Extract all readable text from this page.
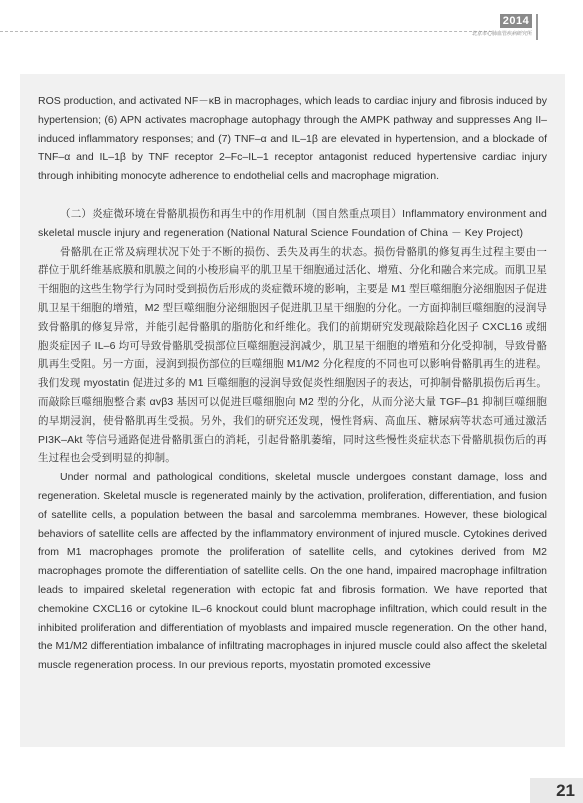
2014
北京市心肺血管疾病研究所

ROS production, and activated NF－κB in macrophages, which leads to cardiac injury and fibrosis induced by hypertension; (6) APN activates macrophage autophagy through the AMPK pathway and suppresses Ang II–induced inflammatory responses; and (7) TNF–α and IL–1β are elevated in hypertension, and a blockade of TNF–α and IL–1β by TNF receptor 2–Fc–IL–1 receptor antagonist reduced hypertensive cardiac injury through inhibiting monocyte adherence to endothelial cells and macrophage migration.

（二）炎症微环境在骨骼肌损伤和再生中的作用机制（国自然重点项目）Inflammatory environment and skeletal muscle injury and regeneration (National Natural Science Foundation of China － Key Project)

骨骼肌在正常及病理状况下处于不断的损伤、丢失及再生的状态。损伤骨骼肌的修复再生过程主要由一群位于肌纤维基底膜和肌膜之间的小梭形扁平的肌卫星干细胞通过活化、增殖、分化和融合来完成。而肌卫星干细胞的这些生物学行为同时受到损伤后形成的炎症微环境的影响，主要是 M1 型巨噬细胞分泌细胞因子促进肌卫星干细胞的增殖，M2 型巨噬细胞分泌细胞因子促进肌卫星干细胞的分化。一方面抑制巨噬细胞的浸润导致骨骼肌的修复异常，并能引起骨骼肌的脂肪化和纤维化。我们的前期研究发现敲除趋化因子 CXCL16 或细胞炎症因子 IL–6 均可导致骨骼肌受损部位巨噬细胞浸润减少，肌卫星干细胞的增殖和分化受抑制，导致骨骼肌再生受阻。另一方面，浸润到损伤部位的巨噬细胞 M1/M2 分化程度的不同也可以影响骨骼肌再生的进程。我们发现 myostatin 促进过多的 M1 巨噬细胞的浸润导致促炎性细胞因子的表达，可抑制骨骼肌损伤后再生。而敲除巨噬细胞整合素 αvβ3 基因可以促进巨噬细胞向 M2 型的分化，从而分泌大量 TGF–β1 抑制巨噬细胞的早期浸润，使骨骼肌再生受损。另外，我们的研究还发现，慢性肾病、高血压、糖尿病等状态可通过激活 PI3K–Akt 等信号通路促进骨骼肌蛋白的消耗，引起骨骼肌萎缩，同时这些慢性炎症状态下骨骼肌损伤后的再生过程也会受到明显的抑制。

Under normal and pathological conditions, skeletal muscle undergoes constant damage, loss and regeneration. Skeletal muscle is regenerated mainly by the activation, proliferation, differentiation, and fusion of satellite cells, a population between the basal and sarcolemma membranes. However, these biological behaviors of satellite cells are affected by the inflammatory environment of injured muscle. Cytokines derived from M1 macrophages promote the proliferation of satellite cells, and cytokines derived from M2 macrophages promote the differentiation of satellite cells. On the one hand, impaired macrophage infiltration leads to impaired skeletal regeneration with ectopic fat and fibrosis formation. We have reported that chemokine CXCL16 or cytokine IL–6 knockout could blunt macrophage infiltration, which could result in the inhibited proliferation and differentiation of myoblasts and impaired muscle regeneration. On the other hand, the M1/M2 differentiation imbalance of infiltrating macrophages in injured muscle could also affect the skeletal muscle regeneration process. In our previous reports, myostatin promoted excessive

21
